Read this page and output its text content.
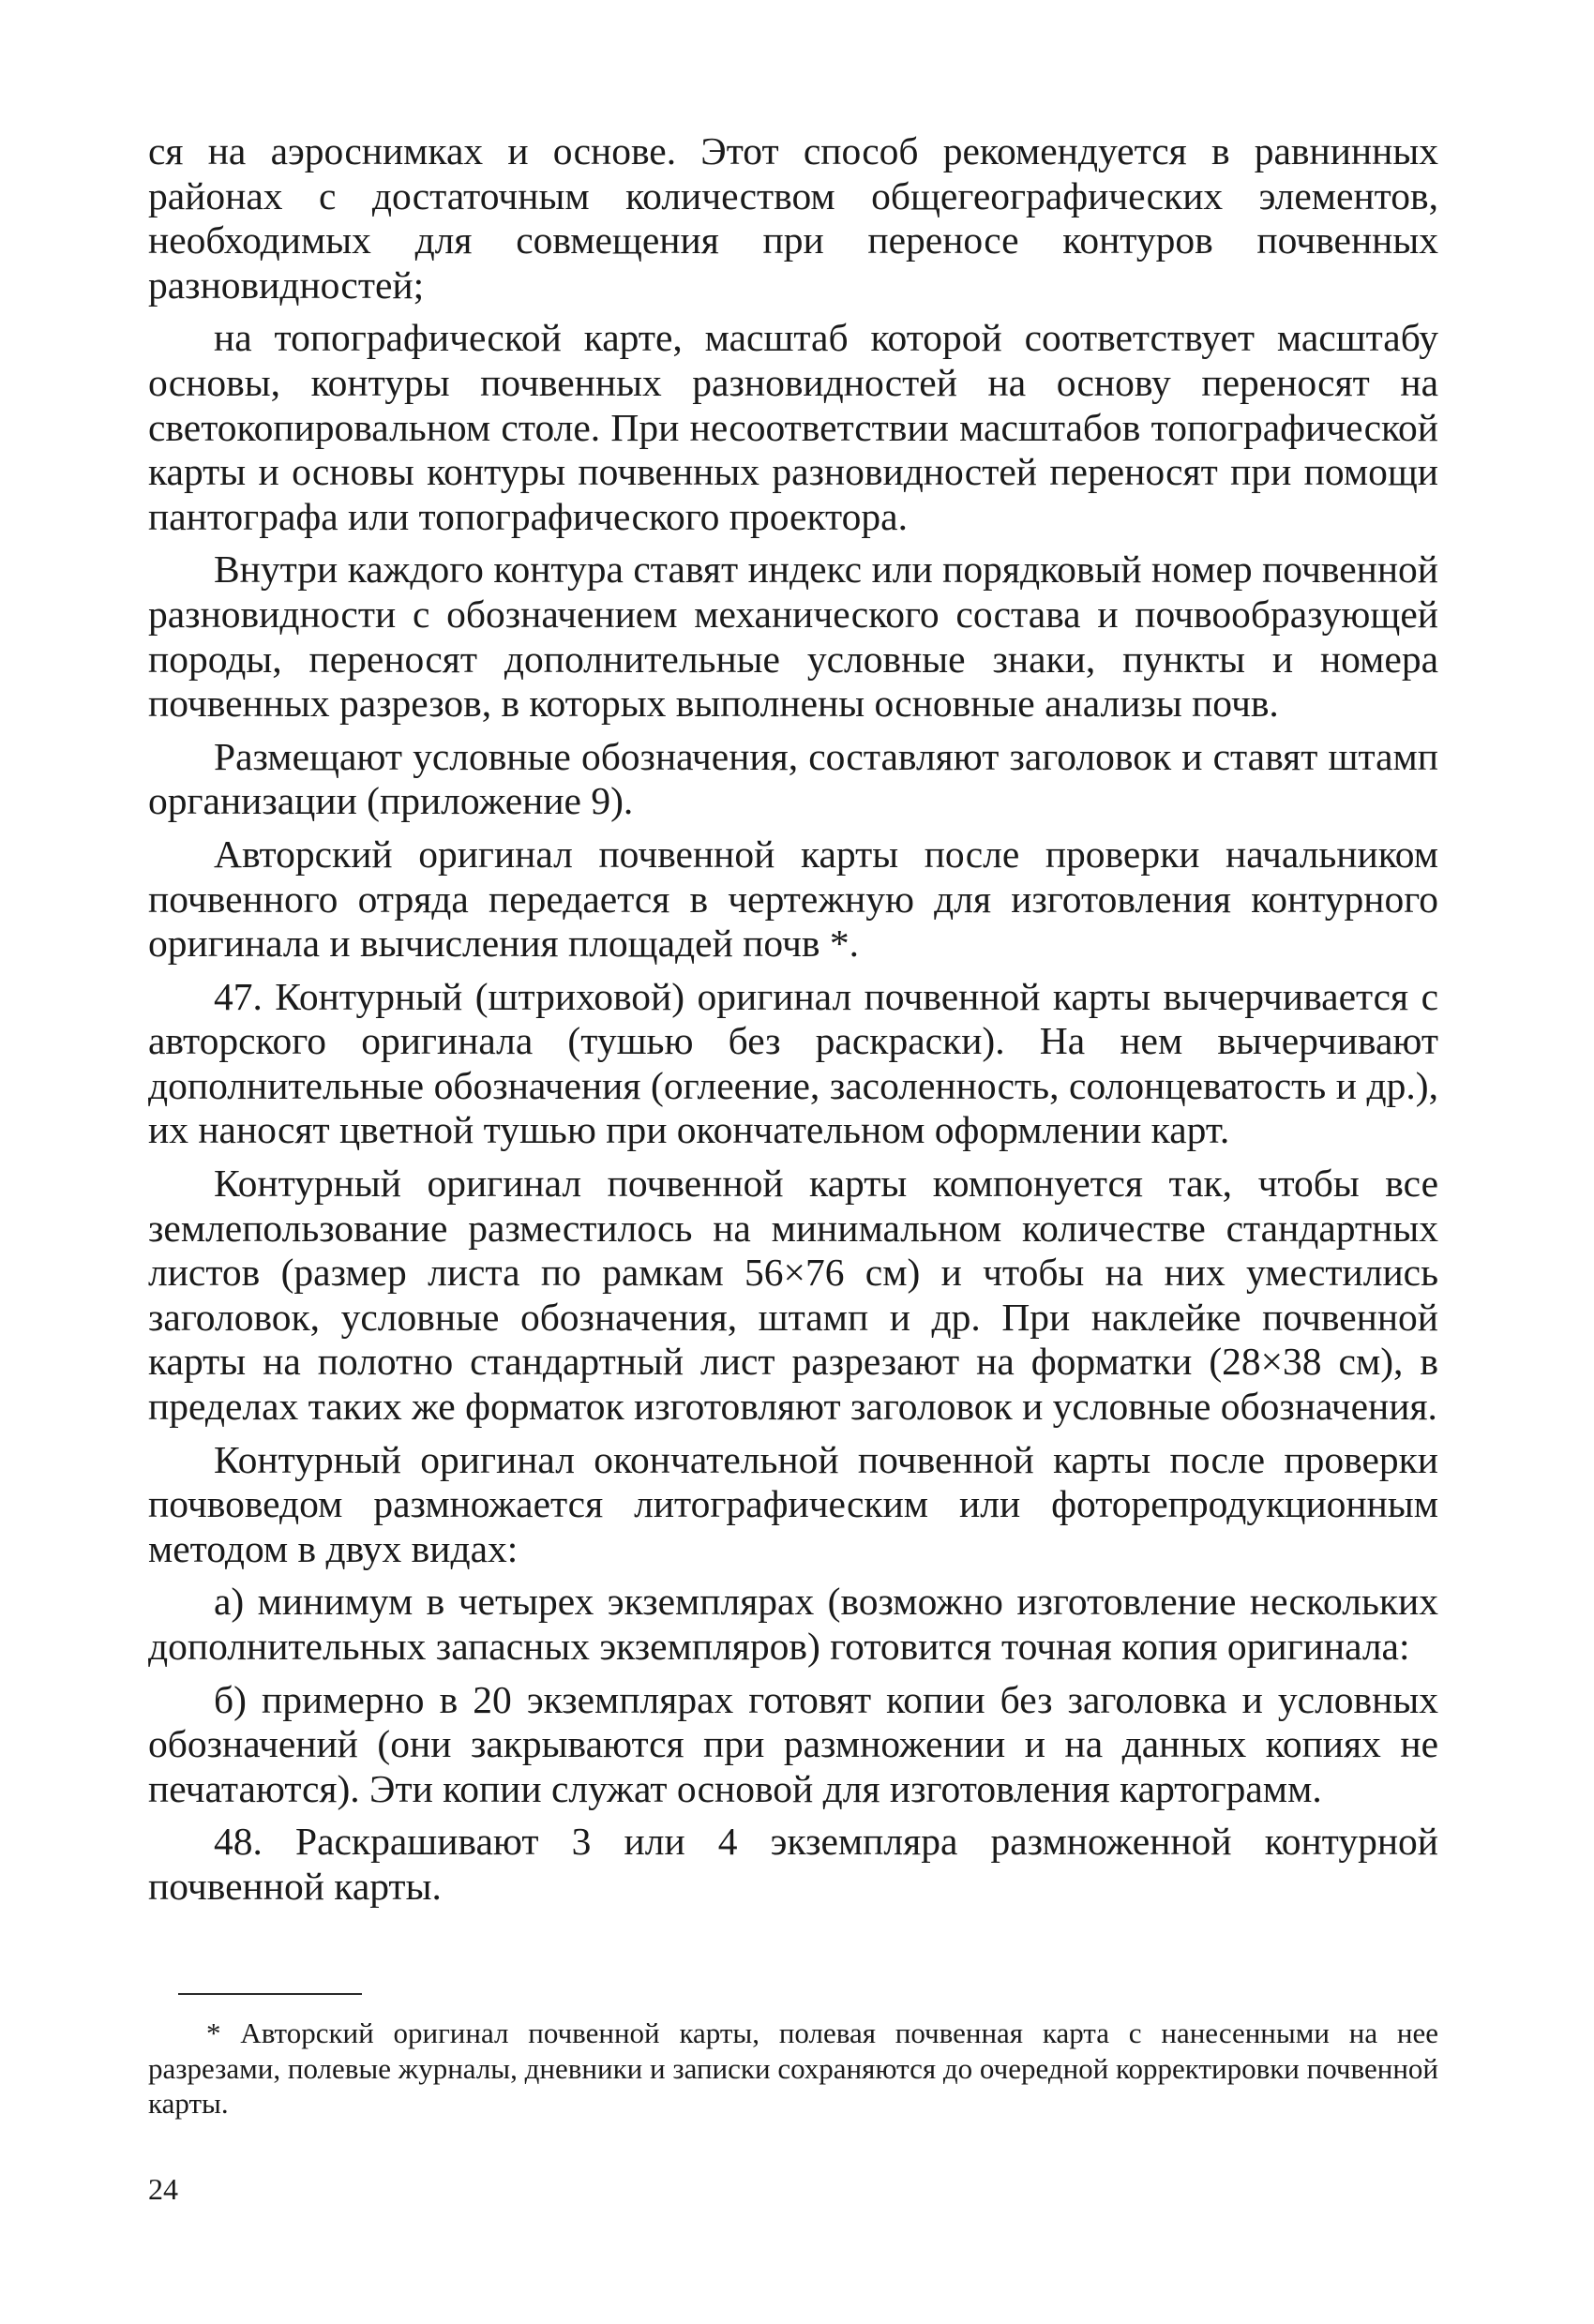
ся на аэроснимках и основе. Этот способ рекомендуется в равнинных районах с достаточным количеством общегеографических элементов, необходимых для совмещения при переносе контуров почвенных разновидностей;

на топографической карте, масштаб которой соответствует масштабу основы, контуры почвенных разновидностей на основу переносят на светокопировальном столе. При несоответствии масштабов топографической карты и основы контуры почвенных разновидностей переносят при помощи пантографа или топографического проектора.

Внутри каждого контура ставят индекс или порядковый номер почвенной разновидности с обозначением механического состава и почвообразующей породы, переносят дополнительные условные знаки, пункты и номера почвенных разрезов, в которых выполнены основные анализы почв.

Размещают условные обозначения, составляют заголовок и ставят штамп организации (приложение 9).

Авторский оригинал почвенной карты после проверки начальником почвенного отряда передается в чертежную для изготовления контурного оригинала и вычисления площадей почв *.

47. Контурный (штриховой) оригинал почвенной карты вычерчивается с авторского оригинала (тушью без раскраски). На нем вычерчивают дополнительные обозначения (оглеение, засоленность, солонцеватость и др.), их наносят цветной тушью при окончательном оформлении карт.

Контурный оригинал почвенной карты компонуется так, чтобы все землепользование разместилось на минимальном количестве стандартных листов (размер листа по рамкам 56×76 см) и чтобы на них уместились заголовок, условные обозначения, штамп и др. При наклейке почвенной карты на полотно стандартный лист разрезают на форматки (28×38 см), в пределах таких же форматок изготовляют заголовок и условные обозначения.

Контурный оригинал окончательной почвенной карты после проверки почвоведом размножается литографическим или фоторепродукционным методом в двух видах:

а) минимум в четырех экземплярах (возможно изготовление нескольких дополнительных запасных экземпляров) готовится точная копия оригинала:

б) примерно в 20 экземплярах готовят копии без заголовка и условных обозначений (они закрываются при размножении и на данных копиях не печатаются). Эти копии служат основой для изготовления картограмм.

48. Раскрашивают 3 или 4 экземпляра размноженной контурной почвенной карты.

* Авторский оригинал почвенной карты, полевая почвенная карта с нанесенными на нее разрезами, полевые журналы, дневники и записки сохраняются до очередной корректировки почвенной карты.
24
